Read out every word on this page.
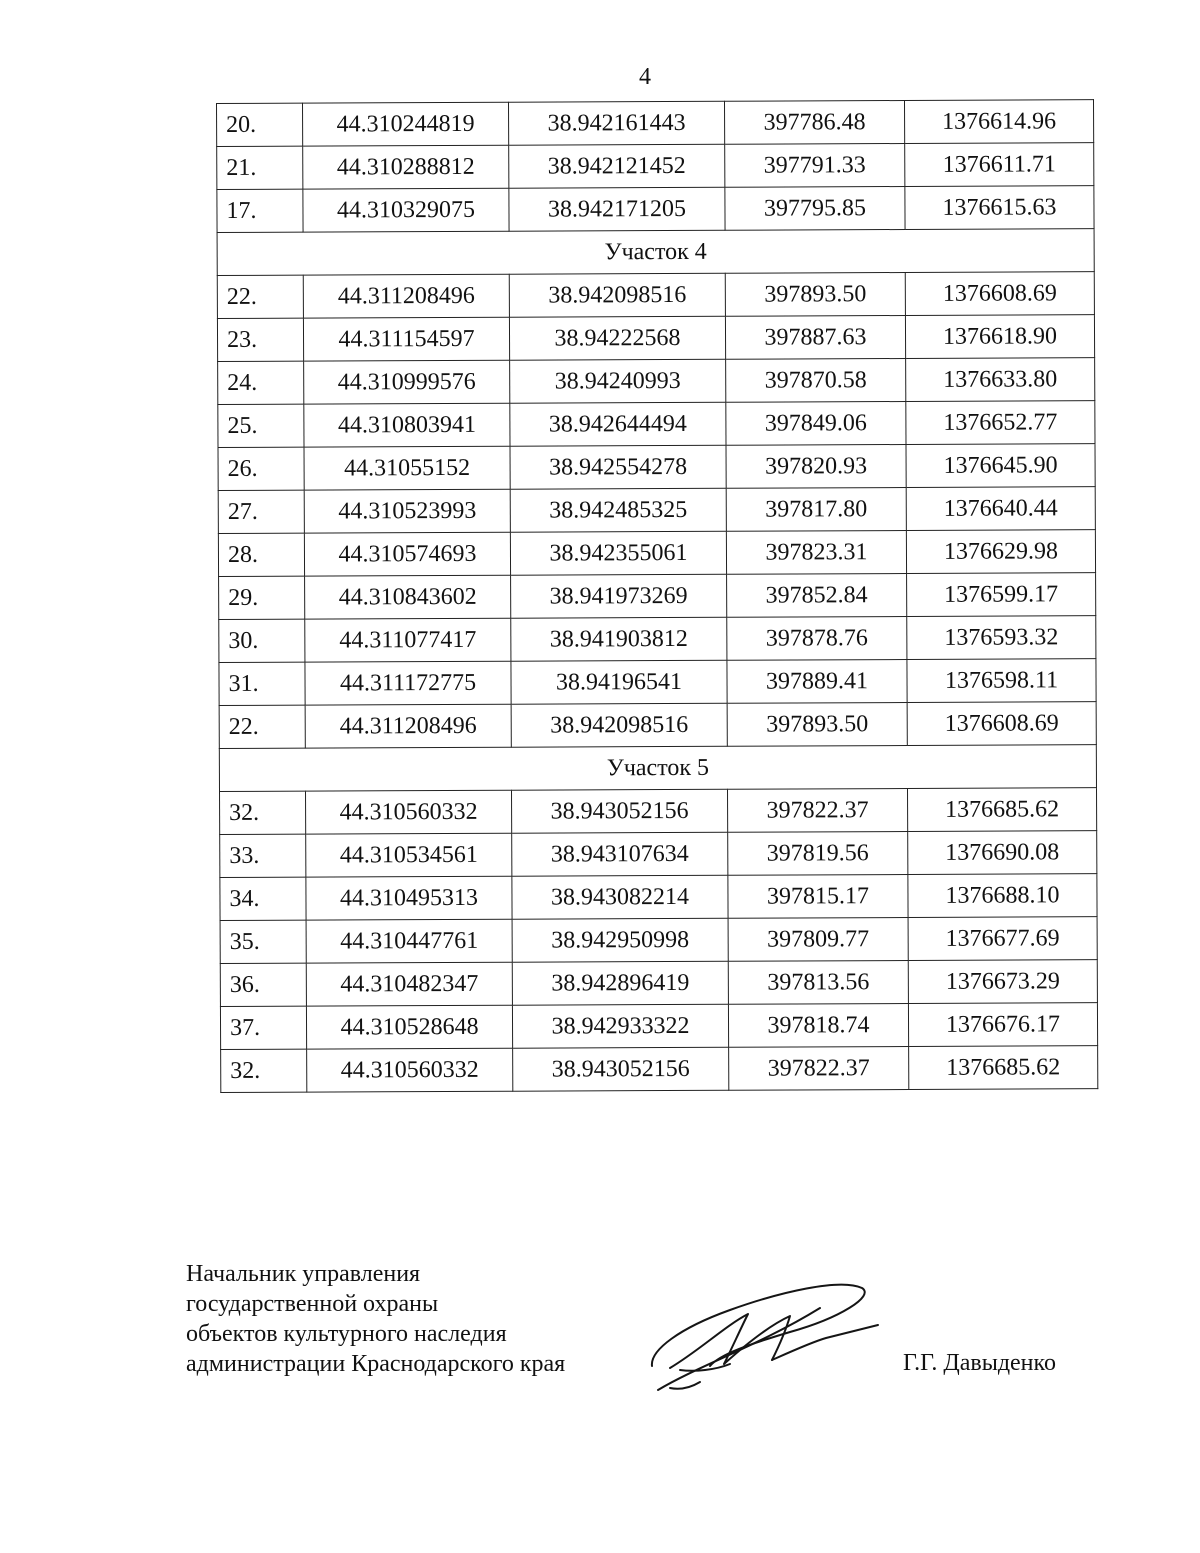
4
20.	44.310244819	38.942161443	397786.48	1376614.96
21.	44.310288812	38.942121452	397791.33	1376611.71
17.	44.310329075	38.942171205	397795.85	1376615.63
Участок 4				
22.	44.311208496	38.942098516	397893.50	1376608.69
23.	44.311154597	38.94222568	397887.63	1376618.90
24.	44.310999576	38.94240993	397870.58	1376633.80
25.	44.310803941	38.942644494	397849.06	1376652.77
26.	44.31055152	38.942554278	397820.93	1376645.90
27.	44.310523993	38.942485325	397817.80	1376640.44
28.	44.310574693	38.942355061	397823.31	1376629.98
29.	44.310843602	38.941973269	397852.84	1376599.17
30.	44.311077417	38.941903812	397878.76	1376593.32
31.	44.311172775	38.94196541	397889.41	1376598.11
22.	44.311208496	38.942098516	397893.50	1376608.69
Участок 5				
32.	44.310560332	38.943052156	397822.37	1376685.62
33.	44.310534561	38.943107634	397819.56	1376690.08
34.	44.310495313	38.943082214	397815.17	1376688.10
35.	44.310447761	38.942950998	397809.77	1376677.69
36.	44.310482347	38.942896419	397813.56	1376673.29
37.	44.310528648	38.942933322	397818.74	1376676.17
32.	44.310560332	38.943052156	397822.37	1376685.62
Начальник управления
государственной охраны
объектов культурного наследия
администрации Краснодарского края	Г.Г. Давыденко
